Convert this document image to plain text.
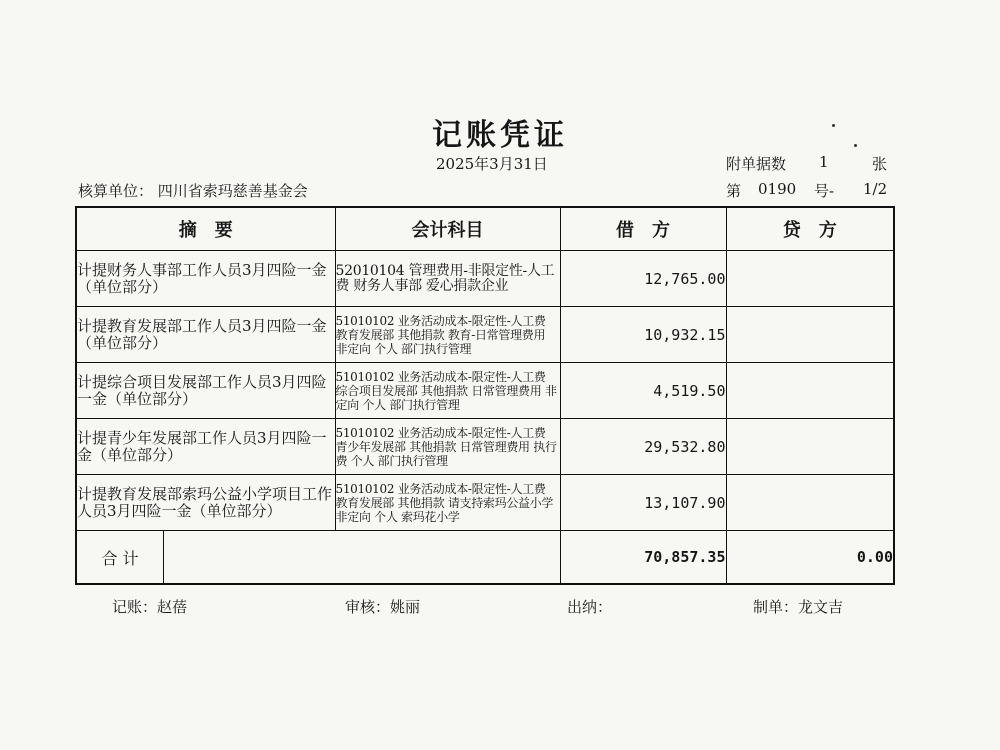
记账凭证
2025年3月31日	附单据数 1	张
核算单位： 四川省索玛慈善基金会	第 0190 号- 1/2
摘　要	会计科目	借　方	贷　方
计提财务人事部工作人员3月四险一金（单位部分）	52010104 管理费用-非限定性-人工费 财务人事部 爱心捐款企业	12,765.00	
计提教育发展部工作人员3月四险一金（单位部分）	51010102 业务活动成本-限定性-人工费 教育发展部 其他捐款 教育-日常管理费用 非定向 个人 部门执行管理	10,932.15	
计提综合项目发展部工作人员3月四险一金（单位部分）	51010102 业务活动成本-限定性-人工费 综合项目发展部 其他捐款 日常管理费用 非定向 个人 部门执行管理	4,519.50	
计提青少年发展部工作人员3月四险一金（单位部分）	51010102 业务活动成本-限定性-人工费 青少年发展部 其他捐款 日常管理费用 执行费 个人 部门执行管理	29,532.80	
计提教育发展部索玛公益小学项目工作人员3月四险一金（单位部分）	51010102 业务活动成本-限定性-人工费 教育发展部 其他捐款 请支持索玛公益小学 非定向 个人 索玛花小学	13,107.90	

合 计		70,857.35	0.00
记账：赵蓓	审核：姚丽	出纳：	制单：龙文吉
